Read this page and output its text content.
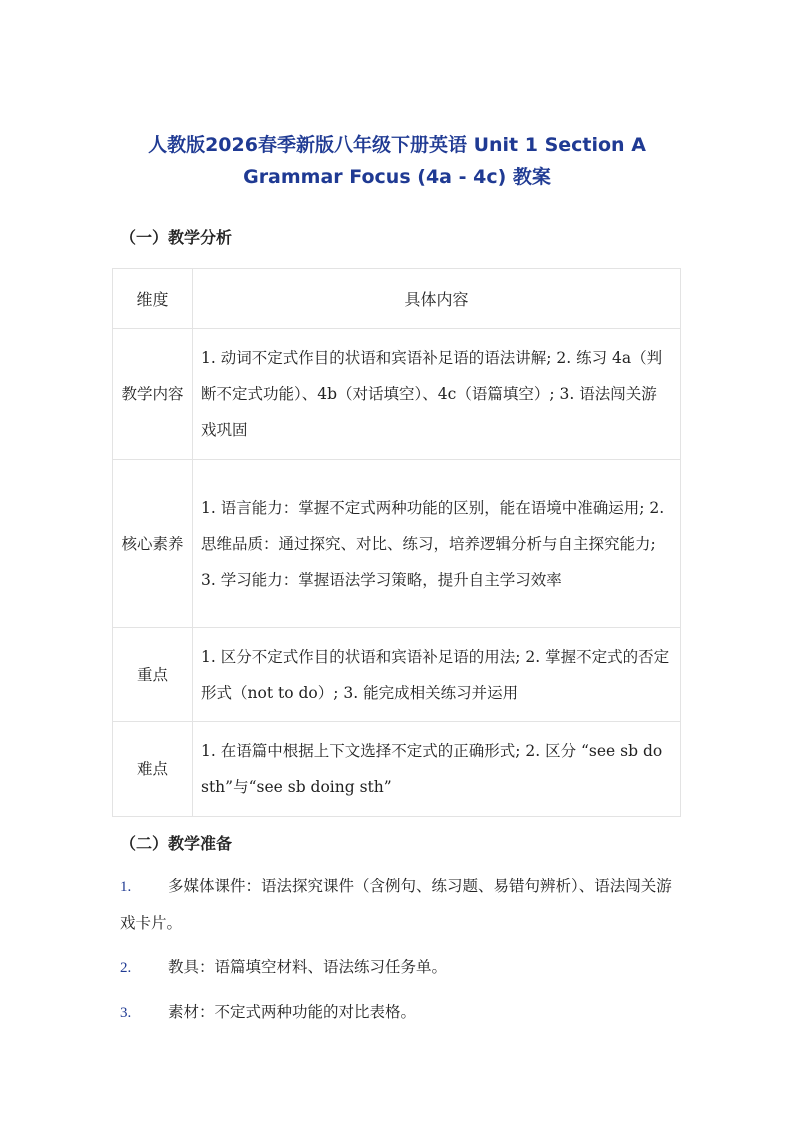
人教版2026春季新版八年级下册英语 Unit 1 Section A
Grammar Focus (4a - 4c) 教案
（一）教学分析
维度	具体内容
教学内容	1. 动词不定式作目的状语和宾语补足语的语法讲解; 2. 练习 4a（判断不定式功能）、4b（对话填空）、4c（语篇填空）; 3. 语法闯关游戏巩固
核心素养	1. 语言能力：掌握不定式两种功能的区别，能在语境中准确运用; 2. 思维品质：通过探究、对比、练习，培养逻辑分析与自主探究能力; 3. 学习能力：掌握语法学习策略，提升自主学习效率
重点	1. 区分不定式作目的状语和宾语补足语的用法; 2. 掌握不定式的否定形式（not to do）; 3. 能完成相关练习并运用
难点	1. 在语篇中根据上下文选择不定式的正确形式; 2. 区分 “see sb do sth”与“see sb doing sth”
（二）教学准备
1. 多媒体课件：语法探究课件（含例句、练习题、易错句辨析）、语法闯关游戏卡片。
2. 教具：语篇填空材料、语法练习任务单。
3. 素材：不定式两种功能的对比表格。
